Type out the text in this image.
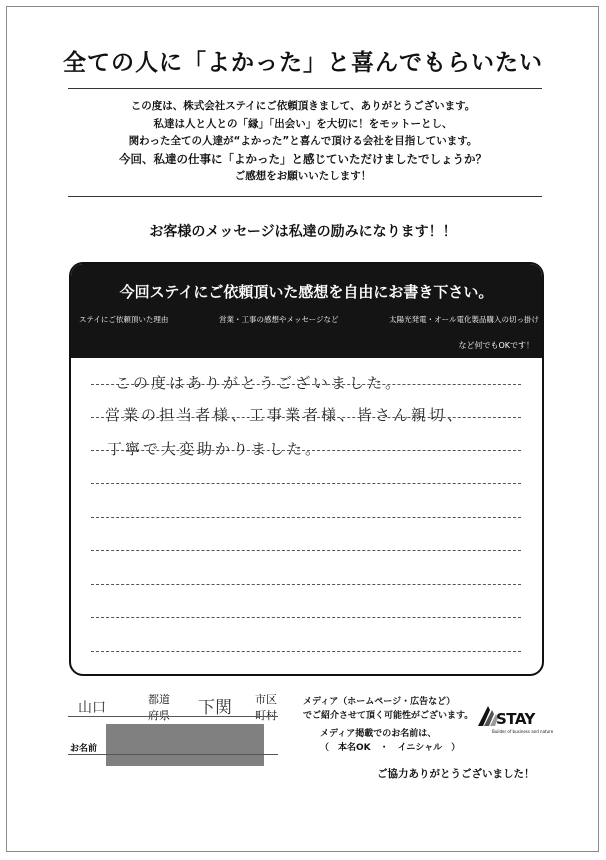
全ての人に「よかった」と喜んでもらいたい
この度は、株式会社ステイにご依頼頂きまして、ありがとうございます。
私達は人と人との「縁」「出会い」を大切に！をモットーとし、
関わった全ての人達が“よかった”と喜んで頂ける会社を目指しています。
今回、私達の仕事に「よかった」と感じていただけましたでしょうか？
ご感想をお願いいたします！
お客様のメッセージは私達の励みになります！！
今回ステイにご依頼頂いた感想を自由にお書き下さい。
ステイにご依頼頂いた理由	営業・工事の感想やメッセージなど	太陽光発電・オール電化製品購入の切っ掛け
など何でもOKです！
この度はありがとうございました。
営業の担当者様、工事業者様、皆さん親切、
丁寧で大変助かりました。
山口
都道
府県 下関 市区
町村
お名前
メディア（ホームページ・広告など）
でご紹介させて頂く可能性がございます。
メディア掲載でのお名前は、
（　本名OK　・　イニシャル　）
STAY
Builder of business and nature
ご協力ありがとうございました！
